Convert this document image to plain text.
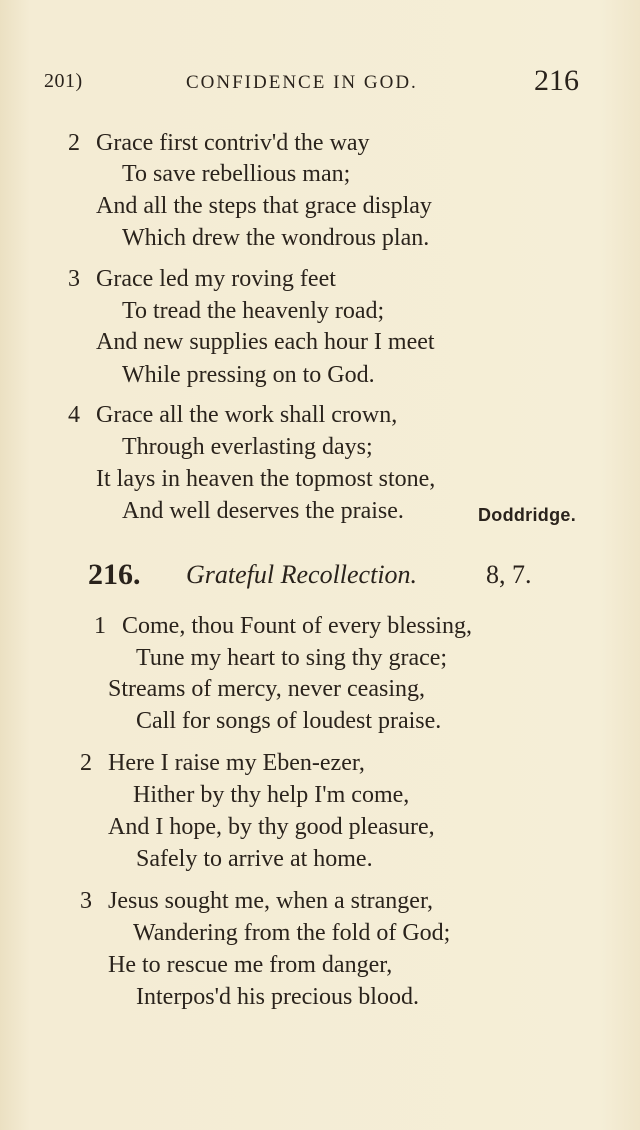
201)	CONFIDENCE IN GOD.	216
2 Grace first contriv'd the way
To save rebellious man;
And all the steps that grace display
Which drew the wondrous plan.
3 Grace led my roving feet
To tread the heavenly road;
And new supplies each hour I meet
While pressing on to God.
4 Grace all the work shall crown,
Through everlasting days;
It lays in heaven the topmost stone,
And well deserves the praise.	Doddridge.
216. Grateful Recollection.	8, 7.
1 Come, thou Fount of every blessing,
Tune my heart to sing thy grace;
Streams of mercy, never ceasing,
Call for songs of loudest praise.
2 Here I raise my Eben-ezer,
Hither by thy help I'm come,
And I hope, by thy good pleasure,
Safely to arrive at home.
3 Jesus sought me, when a stranger,
Wandering from the fold of God;
He to rescue me from danger,
Interpos'd his precious blood.
